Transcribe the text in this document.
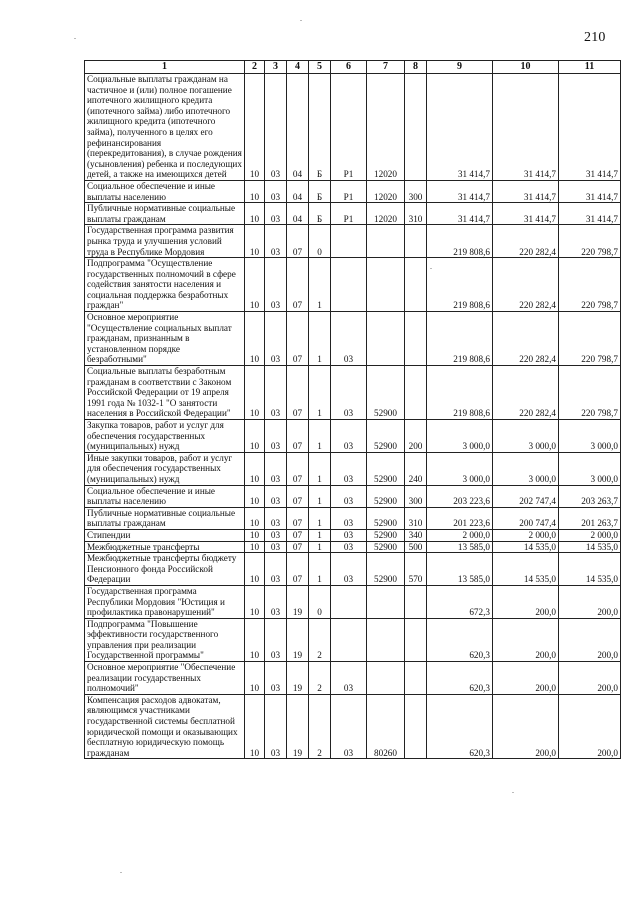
210
1	2	3	4	5	6	7	8	9	10	11
Социальные выплаты гражданам на частичное и (или) полное погашение ипотечного жилищного кредита (ипотечного займа) либо ипотечного жилищного кредита (ипотечного займа), полученного в целях его рефинансирования (перекредитования), в случае рождения (усыновления) ребенка и последующих детей, а также на имеющихся детей	10	03	04	Б	Р1	12020		31 414,7	31 414,7	31 414,7
Социальное обеспечение и иные выплаты населению	10	03	04	Б	Р1	12020	300	31 414,7	31 414,7	31 414,7
Публичные нормативные социальные выплаты гражданам	10	03	04	Б	Р1	12020	310	31 414,7	31 414,7	31 414,7
Государственная программа развития рынка труда и улучшения условий труда в Республике Мордовия	10	03	07	0				219 808,6	220 282,4	220 798,7
Подпрограмма "Осуществление государственных полномочий в сфере содействия занятости населения и социальная поддержка безработных граждан"	10	03	07	1				219 808,6	220 282,4	220 798,7
Основное мероприятие "Осуществление социальных выплат гражданам, признанным в установленном порядке безработными"	10	03	07	1	03			219 808,6	220 282,4	220 798,7
Социальные выплаты безработным гражданам в соответствии с Законом Российской Федерации от 19 апреля 1991 года № 1032-1 "О занятости населения в Российской Федерации"	10	03	07	1	03	52900		219 808,6	220 282,4	220 798,7
Закупка товаров, работ и услуг для обеспечения государственных (муниципальных) нужд	10	03	07	1	03	52900	200	3 000,0	3 000,0	3 000,0
Иные закупки товаров, работ и услуг для обеспечения государственных (муниципальных) нужд	10	03	07	1	03	52900	240	3 000,0	3 000,0	3 000,0
Социальное обеспечение и иные выплаты населению	10	03	07	1	03	52900	300	203 223,6	202 747,4	203 263,7
Публичные нормативные социальные выплаты гражданам	10	03	07	1	03	52900	310	201 223,6	200 747,4	201 263,7
Стипендии	10	03	07	1	03	52900	340	2 000,0	2 000,0	2 000,0
Межбюджетные трансферты	10	03	07	1	03	52900	500	13 585,0	14 535,0	14 535,0
Межбюджетные трансферты бюджету Пенсионного фонда Российской Федерации	10	03	07	1	03	52900	570	13 585,0	14 535,0	14 535,0
Государственная программа Республики Мордовия "Юстиция и профилактика правонарушений"	10	03	19	0				672,3	200,0	200,0
Подпрограмма "Повышение эффективности государственного управления при реализации Государственной программы"	10	03	19	2				620,3	200,0	200,0
Основное мероприятие "Обеспечение реализации государственных полномочий"	10	03	19	2	03			620,3	200,0	200,0
Компенсация расходов адвокатам, являющимся участниками государственной системы бесплатной юридической помощи и оказывающих бесплатную юридическую помощь гражданам	10	03	19	2	03	80260		620,3	200,0	200,0
